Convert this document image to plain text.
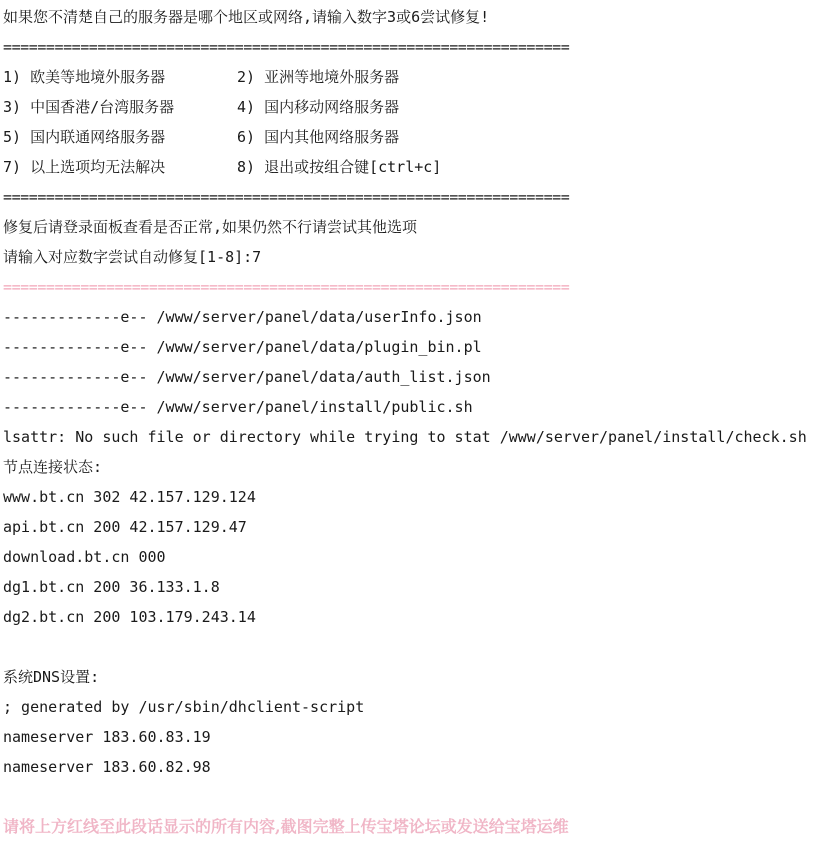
如果您不清楚自己的服务器是哪个地区或网络,请输入数字3或6尝试修复!
==================================================================
1) 欧美等地境外服务器	2) 亚洲等地境外服务器
3) 中国香港/台湾服务器	4) 国内移动网络服务器
5) 国内联通网络服务器	6) 国内其他网络服务器
7) 以上选项均无法解决	8) 退出或按组合键[ctrl+c]
==================================================================
修复后请登录面板查看是否正常,如果仍然不行请尝试其他选项
请输入对应数字尝试自动修复[1-8]:7
==================================================================
-------------e-- /www/server/panel/data/userInfo.json
-------------e-- /www/server/panel/data/plugin_bin.pl
-------------e-- /www/server/panel/data/auth_list.json
-------------e-- /www/server/panel/install/public.sh
lsattr: No such file or directory while trying to stat /www/server/panel/install/check.sh
节点连接状态:
www.bt.cn 302 42.157.129.124
api.bt.cn 200 42.157.129.47
download.bt.cn 000
dg1.bt.cn 200 36.133.1.8
dg2.bt.cn 200 103.179.243.14
系统DNS设置:
; generated by /usr/sbin/dhclient-script
nameserver 183.60.83.19
nameserver 183.60.82.98
请将上方红线至此段话显示的所有内容,截图完整上传宝塔论坛或发送给宝塔运维
